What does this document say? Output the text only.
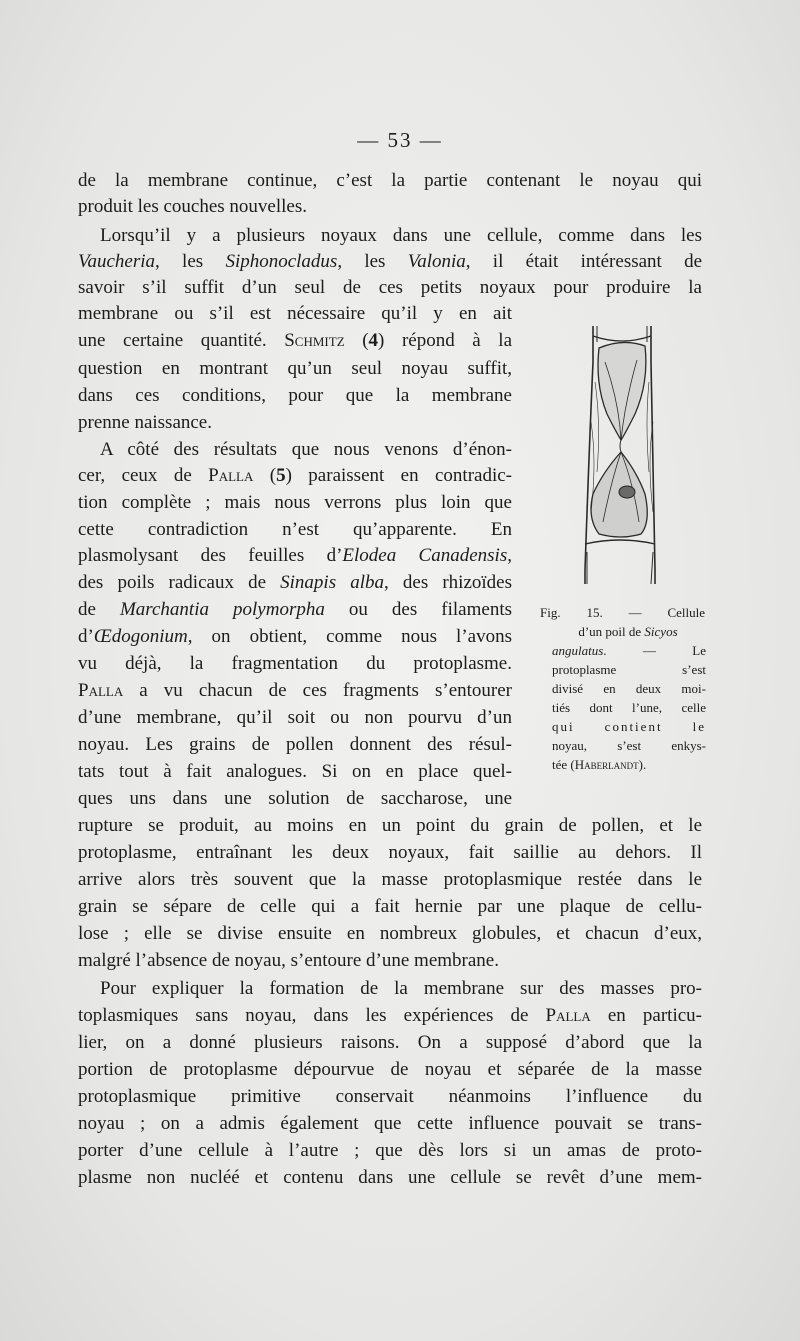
— 53 —
de la membrane continue, c’est la partie contenant le noyau qui
produit les couches nouvelles.
Lorsqu’il y a plusieurs noyaux dans une cellule, comme dans les
Vaucheria, les Siphonocladus, les Valonia, il était intéressant de
savoir s’il suffit d’un seul de ces petits noyaux pour produire la
membrane ou s’il est nécessaire qu’il y en ait
une certaine quantité. Schmitz (4) répond à la
question en montrant qu’un seul noyau suffit,
dans ces conditions, pour que la membrane
prenne naissance.
A côté des résultats que nous venons d’énon-
cer, ceux de Palla (5) paraissent en contradic-
tion complète ; mais nous verrons plus loin que
cette contradiction n’est qu’apparente. En
plasmolysant des feuilles d’Elodea Canadensis,
des poils radicaux de Sinapis alba, des rhizoïdes
de Marchantia polymorpha ou des filaments
d’Œdogonium, on obtient, comme nous l’avons
vu déjà, la fragmentation du protoplasme.
Palla a vu chacun de ces fragments s’entourer
d’une membrane, qu’il soit ou non pourvu d’un
noyau. Les grains de pollen donnent des résul-
tats tout à fait analogues. Si on en place quel-
ques uns dans une solution de saccharose, une
rupture se produit, au moins en un point du grain de pollen, et le
protoplasme, entraînant les deux noyaux, fait saillie au dehors. Il
arrive alors très souvent que la masse protoplasmique restée dans le
grain se sépare de celle qui a fait hernie par une plaque de cellu-
lose ; elle se divise ensuite en nombreux globules, et chacun d’eux,
malgré l’absence de noyau, s’entoure d’une membrane.
Pour expliquer la formation de la membrane sur des masses pro-
toplasmiques sans noyau, dans les expériences de Palla en particu-
lier, on a donné plusieurs raisons. On a supposé d’abord que la
portion de protoplasme dépourvue de noyau et séparée de la masse
protoplasmique primitive conservait néanmoins l’influence du
noyau ; on a admis également que cette influence pouvait se trans-
porter d’une cellule à l’autre ; que dès lors si un amas de proto-
plasme non nucléé et contenu dans une cellule se revêt d’une mem-
Fig. 15. — Cellule
d’un poil de Sicyos
angulatus. — Le
protoplasme s’est
divisé en deux moi-
tiés dont l’une, celle
qui contient le
noyau, s’est enkys-
tée (Haberlandt).
